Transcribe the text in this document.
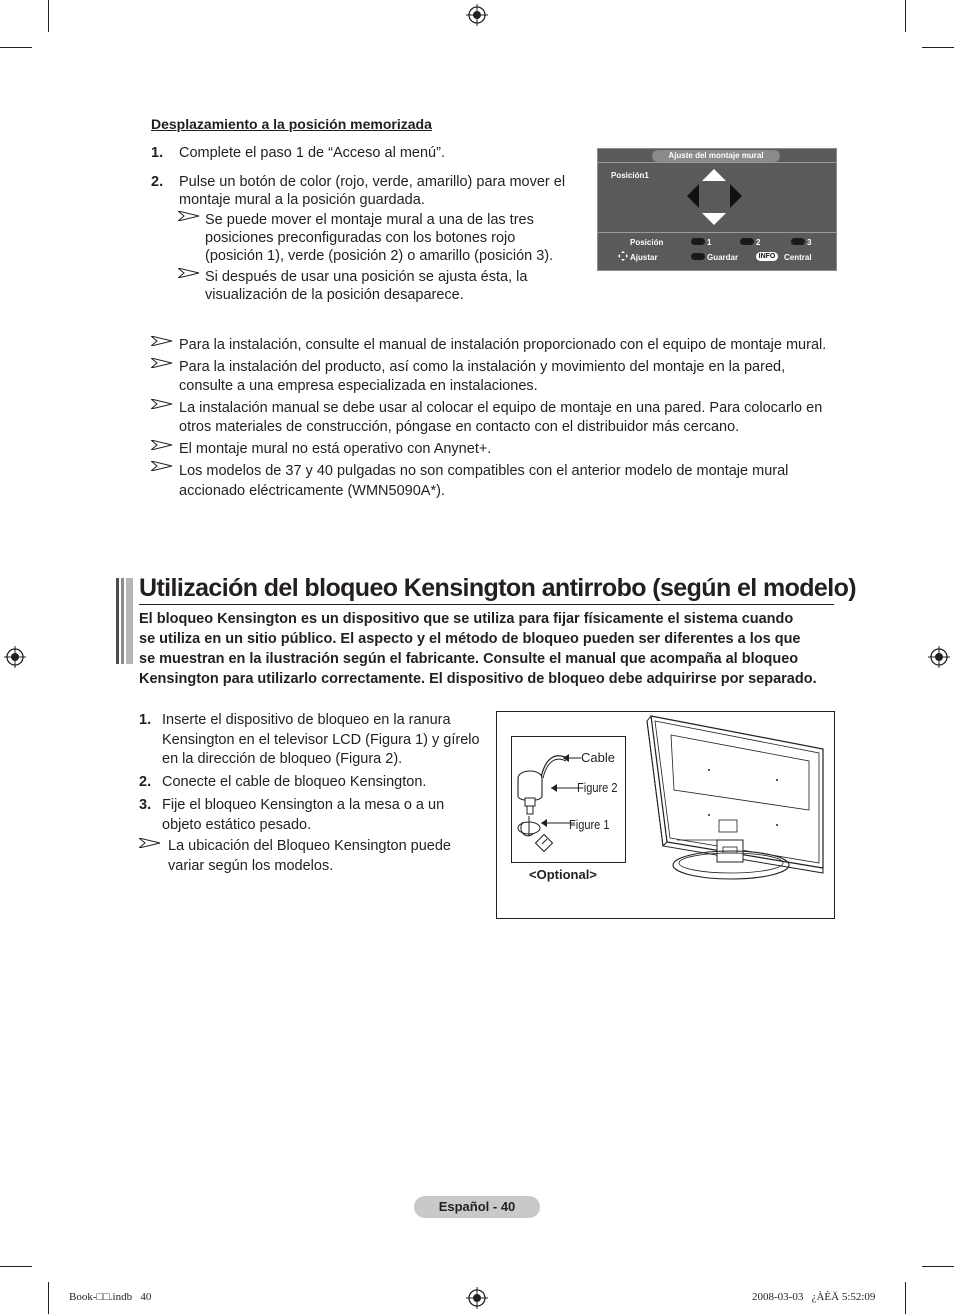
Desplazamiento a la posición memorizada
1. Complete el paso 1 de “Acceso al menú”.
2. Pulse un botón de color (rojo, verde, amarillo) para mover el
montaje mural a la posición guardada.
Se puede mover el montaje mural a una de las tres
posiciones preconfiguradas con los botones rojo
(posición 1), verde (posición 2) o amarillo (posición 3).
Si después de usar una posición se ajusta ésta, la
visualización de la posición desaparece.
Ajuste del montaje mural
Posición1
Posición	1	2	3
Ajustar	Guardar	INFO	Central
Para la instalación, consulte el manual de instalación proporcionado con el equipo de montaje mural.
Para la instalación del producto, así como la instalación y movimiento del montaje en la pared,
consulte a una empresa especializada en instalaciones.
La instalación manual se debe usar al colocar el equipo de montaje en una pared. Para colocarlo en
otros materiales de construcción, póngase en contacto con el distribuidor más cercano.
El montaje mural no está operativo con Anynet+.
Los modelos de 37 y 40 pulgadas no son compatibles con el anterior modelo de montaje mural
accionado eléctricamente (WMN5090A*).
Utilización del bloqueo Kensington antirrobo (según el modelo)
El bloqueo Kensington es un dispositivo que se utiliza para fijar físicamente el sistema cuando
se utiliza en un sitio público. El aspecto y el método de bloqueo pueden ser diferentes a los que
se muestran en la ilustración según el fabricante. Consulte el manual que acompaña al bloqueo
Kensington para utilizarlo correctamente. El dispositivo de bloqueo debe adquirirse por separado.
1. Inserte el dispositivo de bloqueo en la ranura
Kensington en el televisor LCD (Figura 1) y gírelo
en la dirección de bloqueo (Figura 2).
2. Conecte el cable de bloqueo Kensington.
3. Fije el bloqueo Kensington a la mesa o a un
objeto estático pesado.
La ubicación del Bloqueo Kensington puede
variar según los modelos.
Cable
Figure 2
Figure 1
<Optional>
Español - 40
Book-□□.indb   40	2008-03-03   ¿ÀÈÄ 5:52:09
